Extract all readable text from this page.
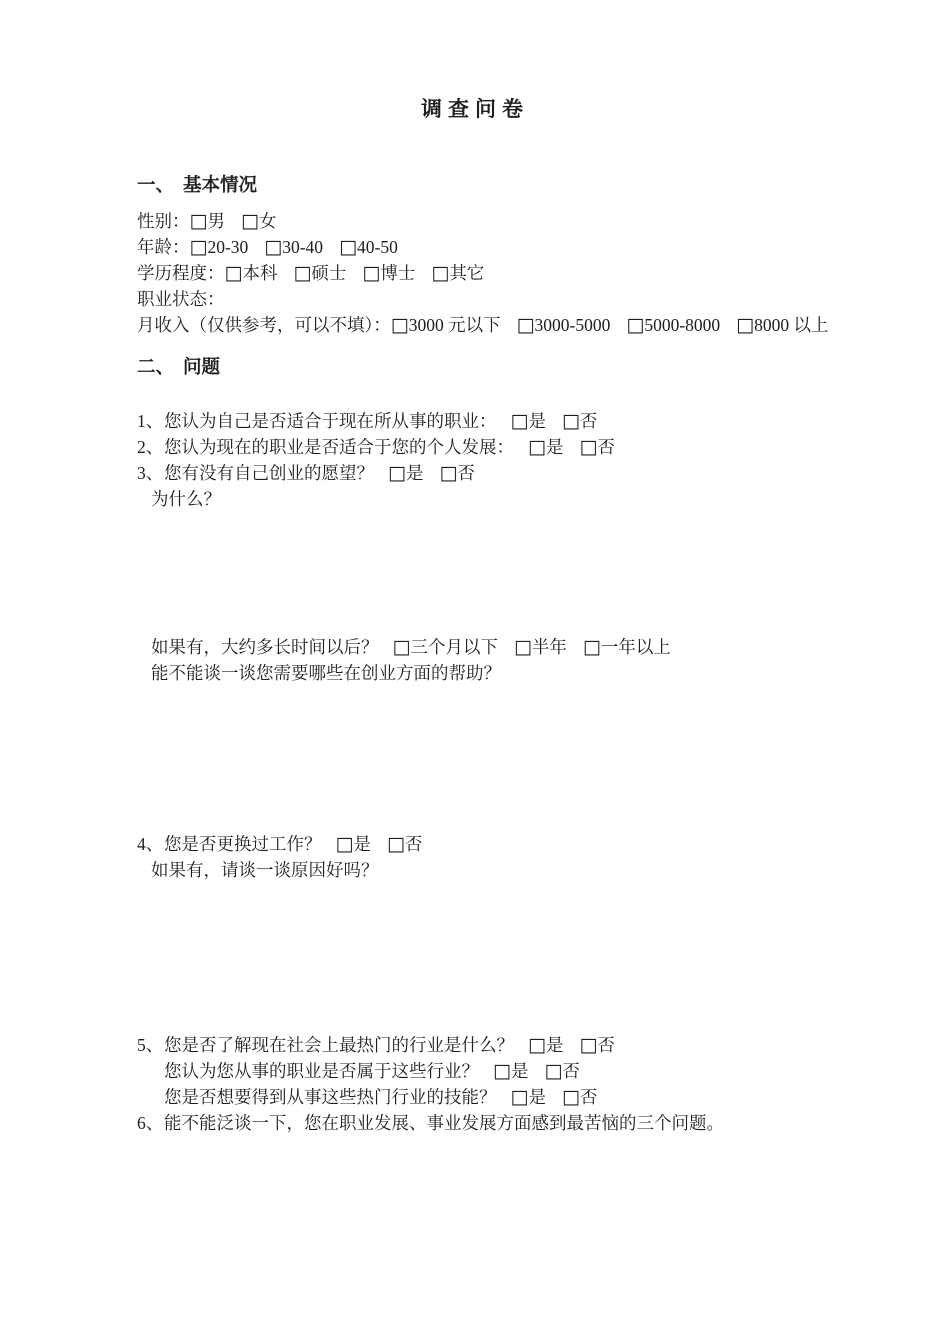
调查问卷
一、 基本情况
性别：□男 □女
年龄：□20-30 □30-40 □40-50
学历程度：□本科 □硕士 □博士 □其它
职业状态：
月收入（仅供参考，可以不填）：□3000 元以下 □3000-5000 □5000-8000 □8000 以上
二、 问题
1、您认为自己是否适合于现在所从事的职业： □是 □否
2、您认为现在的职业是否适合于您的个人发展： □是 □否
3、您有没有自己创业的愿望？ □是 □否
为什么？
如果有，大约多长时间以后？ □三个月以下 □半年 □一年以上
能不能谈一谈您需要哪些在创业方面的帮助？
4、您是否更换过工作？ □是 □否
如果有，请谈一谈原因好吗？
5、您是否了解现在社会上最热门的行业是什么？ □是 □否
您认为您从事的职业是否属于这些行业？ □是 □否
您是否想要得到从事这些热门行业的技能？ □是 □否
6、能不能泛谈一下，您在职业发展、事业发展方面感到最苦恼的三个问题。
